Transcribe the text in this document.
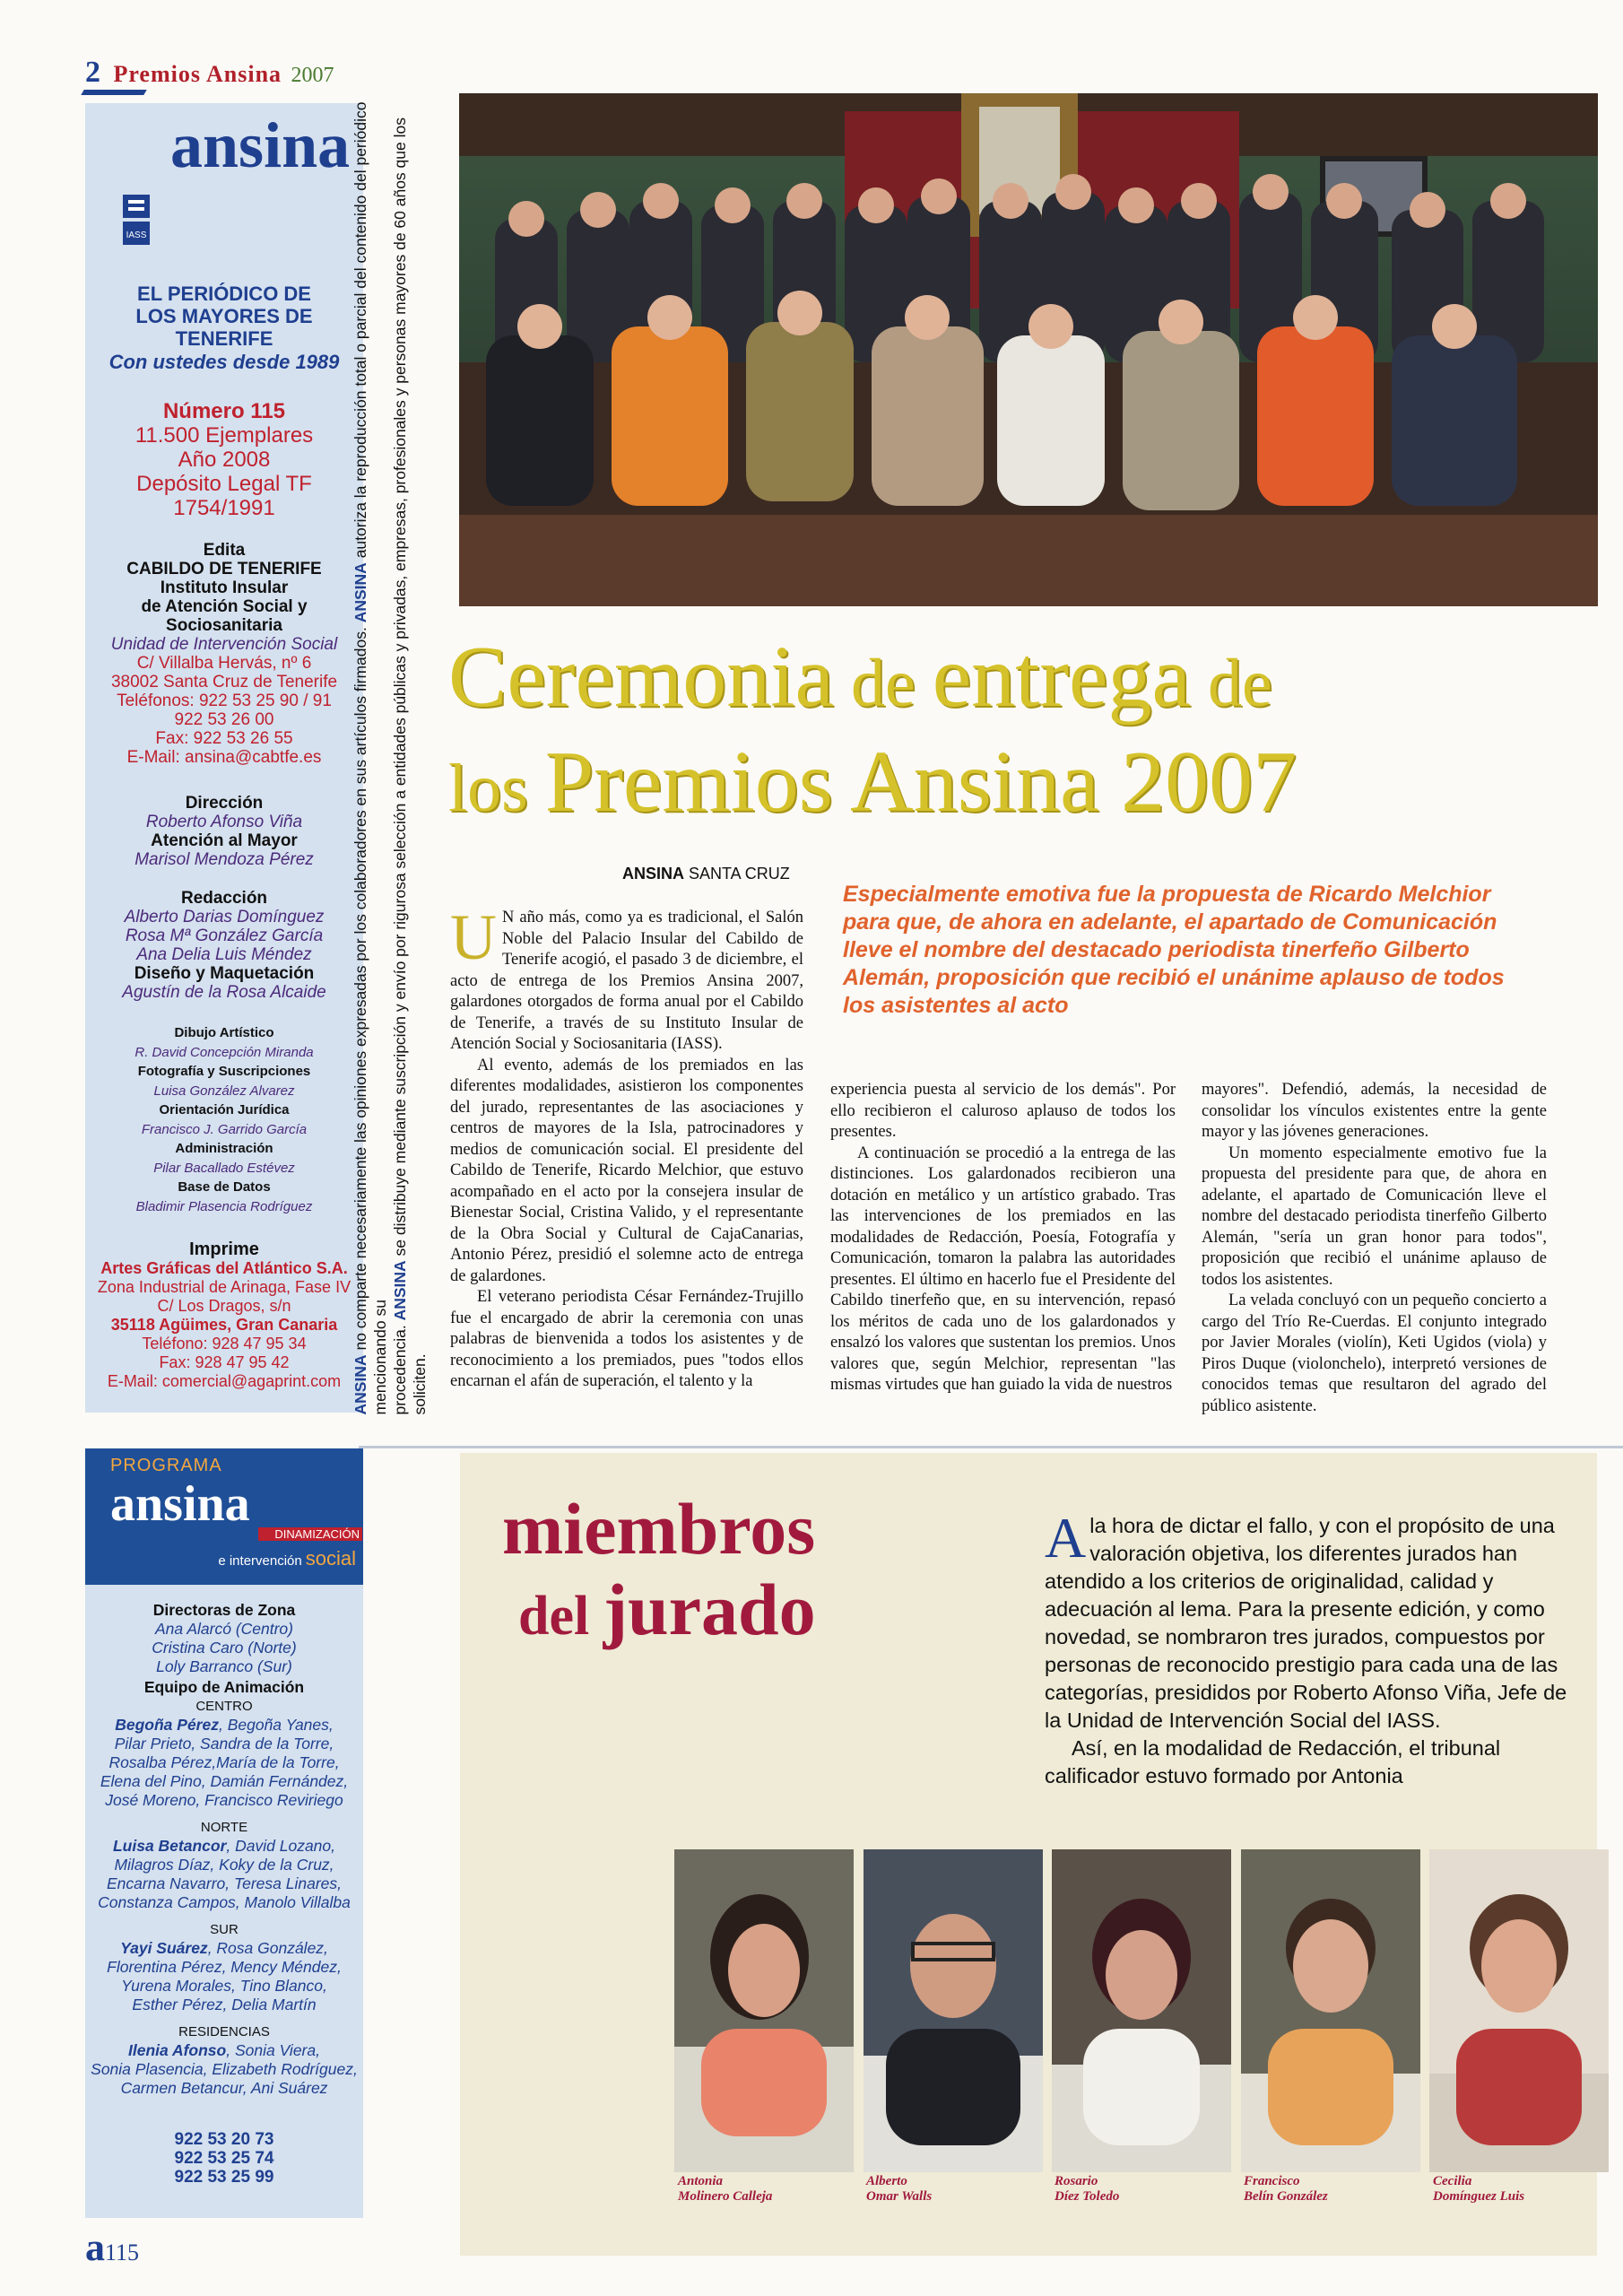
2 Premios Ansina 2007
IASS
ansina
EL PERIÓDICO DE
LOS MAYORES DE
TENERIFE
Con ustedes desde 1989
Número 115
11.500 Ejemplares
Año 2008
Depósito Legal TF
1754/1991
Edita
CABILDO DE TENERIFE
Instituto Insular
de Atención Social y
Sociosanitaria
Unidad de Intervención Social
C/ Villalba Hervás, nº 6
38002 Santa Cruz de Tenerife
Teléfonos: 922 53 25 90 / 91
922 53 26 00
Fax: 922 53 26 55
E-Mail: ansina@cabtfe.es
Dirección
Roberto Afonso Viña
Atención al Mayor
Marisol Mendoza Pérez
Redacción
Alberto Darias Domínguez
Rosa Mª González García
Ana Delia Luis Méndez
Diseño y Maquetación
Agustín de la Rosa Alcaide
Dibujo Artístico
R. David Concepción Miranda
Fotografía y Suscripciones
Luisa González Alvarez
Orientación Jurídica
Francisco J. Garrido García
Administración
Pilar Bacallado Estévez
Base de Datos
Bladimir Plasencia Rodríguez
Imprime
Artes Gráficas del Atlántico S.A.
Zona Industrial de Arinaga, Fase IV
C/ Los Dragos, s/n
35118 Agüimes, Gran Canaria
Teléfono: 928 47 95 34
Fax: 928 47 95 42
E-Mail: comercial@agaprint.com ANSINA no comparte necesariamente las opiniones expresadas por los colaboradores en sus artículos firmados. ANSINA autoriza la reproducción total o parcial del contenido del periódico mencionando su procedencia. ANSINA se distribuye mediante suscripción y envío por rigurosa selección a entidades públicas y privadas, empresas, profesionales y personas mayores de 60 años que los soliciten.
Ceremonia de entrega de
los Premios Ansina 2007
ANSINA SANTA CRUZ
Especialmente emotiva fue la propuesta de Ricardo Melchior para que, de ahora en adelante, el apartado de Comunicación lleve el nombre del destacado periodista tinerfeño Gilberto Alemán, proposición que recibió el unánime aplauso de todos los asistentes al acto

U N año más, como ya es tradicional, el Salón Noble del Palacio Insular del Cabildo de Tenerife acogió, el pasado 3 de diciembre, el acto de entrega de los Premios Ansina 2007, galardones otorgados de forma anual por el Cabildo de Tenerife, a través de su Instituto Insular de Atención Social y Sociosanitaria (IASS).

Al evento, además de los premiados en las diferentes modalidades, asistieron los componentes del jurado, representantes de las asociaciones y centros de mayores de la Isla, patrocinadores y medios de comunicación social. El presidente del Cabildo de Tenerife, Ricardo Melchior, que estuvo acompañado en el acto por la consejera insular de Bienestar Social, Cristina Valido, y el representante de la Obra Social y Cultural de CajaCanarias, Antonio Pérez, presidió el solemne acto de entrega de galardones.

El veterano periodista César Fernández-Trujillo fue el encargado de abrir la ceremonia con unas palabras de bienvenida a todos los asistentes y de reconocimiento a los premiados, pues "todos ellos encarnan el afán de superación, el talento y la

experiencia puesta al servicio de los demás". Por ello recibieron el caluroso aplauso de todos los presentes.

A continuación se procedió a la entrega de las distinciones. Los galardonados recibieron una dotación en metálico y un artístico grabado. Tras las intervenciones de los premiados en las modalidades de Redacción, Poesía, Fotografía y Comunicación, tomaron la palabra las autoridades presentes. El último en hacerlo fue el Presidente del Cabildo tinerfeño que, en su intervención, repasó los méritos de cada uno de los galardonados y ensalzó los valores que sustentan los premios. Unos valores que, según Melchior, representan "las mismas virtudes que han guiado la vida de nuestros

mayores". Defendió, además, la necesidad de consolidar los vínculos existentes entre la gente mayor y las jóvenes generaciones.

Un momento especialmente emotivo fue la propuesta del presidente para que, de ahora en adelante, el apartado de Comunicación lleve el nombre del destacado periodista tinerfeño Gilberto Alemán, "sería un gran honor para todos", proposición que recibió el unánime aplauso de todos los asistentes.

La velada concluyó con un pequeño concierto a cargo del Trío Re-Cuerdas. El conjunto integrado por Javier Morales (violín), Keti Ugidos (viola) y Piros Duque (violonchelo), interpretó versiones de conocidos temas que resultaron del agrado del público asistente.

PROGRAMA
ansina
DINAMIZACIÓN
e intervención social
Directoras de Zona
Ana Alarcó (Centro)
Cristina Caro (Norte)
Loly Barranco (Sur)
Equipo de Animación
CENTRO
Begoña Pérez, Begoña Yanes,
Pilar Prieto, Sandra de la Torre,
Rosalba Pérez,María de la Torre,
Elena del Pino, Damián Fernández,
José Moreno, Francisco Reviriego
NORTE
Luisa Betancor, David Lozano,
Milagros Díaz, Koky de la Cruz,
Encarna Navarro, Teresa Linares,
Constanza Campos, Manolo Villalba
SUR
Yayi Suárez, Rosa González,
Florentina Pérez, Mency Méndez,
Yurena Morales, Tino Blanco,
Esther Pérez, Delia Martín
RESIDENCIAS
Ilenia Afonso, Sonia Viera,
Sonia Plasencia, Elizabeth Rodríguez,
Carmen Betancur, Ani Suárez
922 53 20 73
922 53 25 74
922 53 25 99
miembros
del jurado

A la hora de dictar el fallo, y con el propósito de una valoración objetiva, los diferentes jurados han atendido a los criterios de originalidad, calidad y adecuación al lema. Para la presente edición, y como novedad, se nombraron tres jurados, compuestos por personas de reconocido prestigio para cada una de las categorías, presididos por Roberto Afonso Viña, Jefe de la Unidad de Intervención Social del IASS.

Así, en la modalidad de Redacción, el tribunal calificador estuvo formado por Antonia

Antonia
Molinero Calleja
Alberto
Omar Walls
Rosario
Díez Toledo
Francisco
Belín González
Cecilia
Domínguez Luis
a115
